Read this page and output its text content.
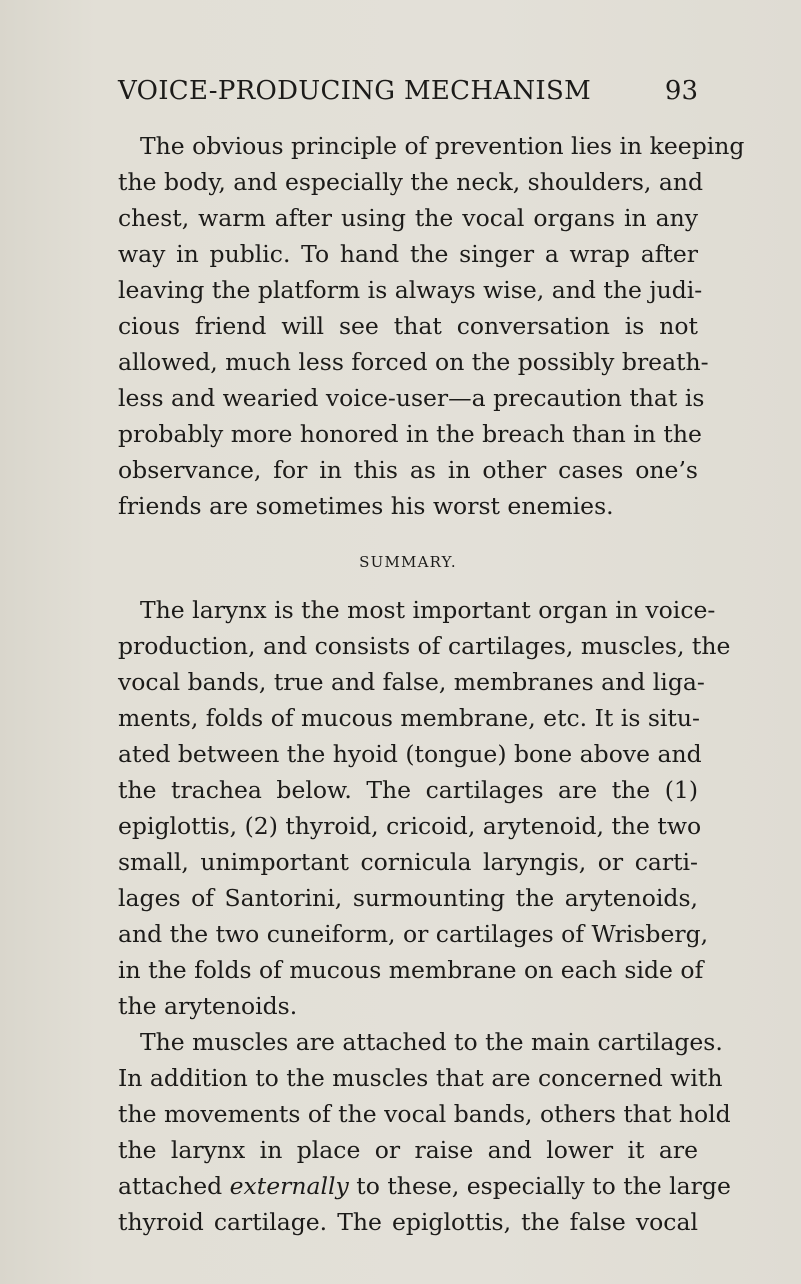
VOICE-PRODUCING MECHANISM	93
The obvious principle of prevention lies in keeping
the body, and especially the neck, shoulders, and
chest, warm after using the vocal organs in any
way in public. To hand the singer a wrap after
leaving the platform is always wise, and the judi-
cious friend will see that conversation is not
allowed, much less forced on the possibly breath-
less and wearied voice-user—a precaution that is
probably more honored in the breach than in the
observance, for in this as in other cases one’s
friends are sometimes his worst enemies.
SUMMARY.
The larynx is the most important organ in voice-
production, and consists of cartilages, muscles, the
vocal bands, true and false, membranes and liga-
ments, folds of mucous membrane, etc. It is situ-
ated between the hyoid (tongue) bone above and
the trachea below. The cartilages are the (1)
epiglottis, (2) thyroid, cricoid, arytenoid, the two
small, unimportant cornicula laryngis, or carti-
lages of Santorini, surmounting the arytenoids,
and the two cuneiform, or cartilages of Wrisberg,
in the folds of mucous membrane on each side of
the arytenoids.
The muscles are attached to the main cartilages.
In addition to the muscles that are concerned with
the movements of the vocal bands, others that hold
the larynx in place or raise and lower it are
attached externally to these, especially to the large
thyroid cartilage. The epiglottis, the false vocal
